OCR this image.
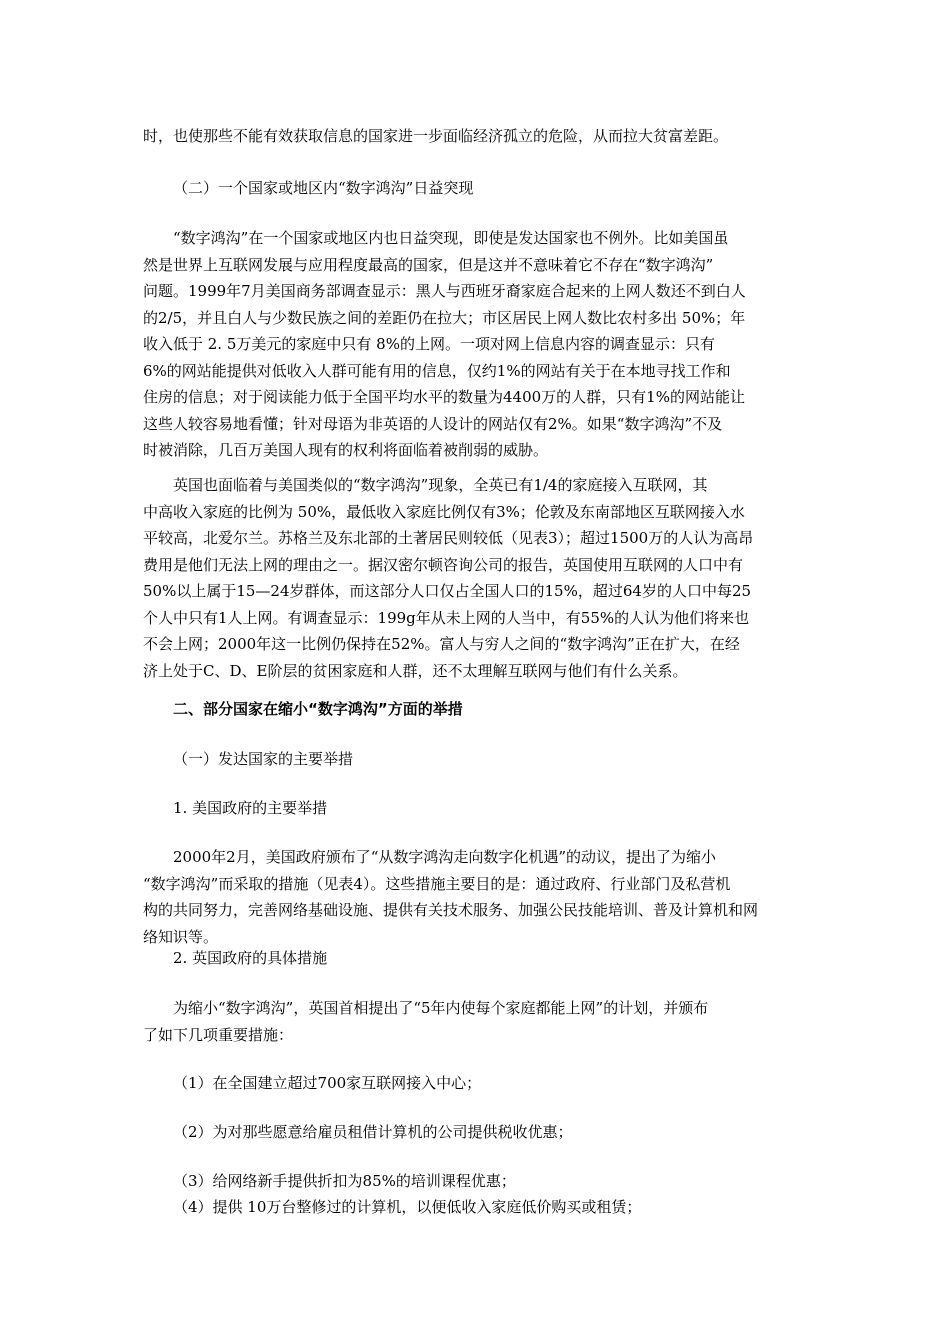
时，也使那些不能有效获取信息的国家进一步面临经济孤立的危险，从而拉大贫富差距。
（二）一个国家或地区内“数字鸿沟”日益突现
“数字鸿沟”在一个国家或地区内也日益突现，即使是发达国家也不例外。比如美国虽
然是世界上互联网发展与应用程度最高的国家，但是这并不意味着它不存在“数字鸿沟”
问题。1999年7月美国商务部调查显示：黑人与西班牙裔家庭合起来的上网人数还不到白人
的2/5，并且白人与少数民族之间的差距仍在拉大；市区居民上网人数比农村多出 50%；年
收入低于 2. 5万美元的家庭中只有 8%的上网。一项对网上信息内容的调查显示：只有
6%的网站能提供对低收入人群可能有用的信息，仅约1%的网站有关于在本地寻找工作和
住房的信息；对于阅读能力低于全国平均水平的数量为4400万的人群，只有1%的网站能让
这些人较容易地看懂；针对母语为非英语的人设计的网站仅有2%。如果“数字鸿沟”不及
时被消除，几百万美国人现有的权利将面临着被削弱的威胁。
英国也面临着与美国类似的“数字鸿沟”现象，全英已有1/4的家庭接入互联网，其
中高收入家庭的比例为 50%，最低收入家庭比例仅有3%；伦敦及东南部地区互联网接入水
平较高，北爱尔兰。苏格兰及东北部的土著居民则较低（见表3）；超过1500万的人认为高昂
费用是他们无法上网的理由之一。据汉密尔顿咨询公司的报告，英国使用互联网的人口中有
50%以上属于15—24岁群体，而这部分人口仅占全国人口的15%，超过64岁的人口中每25
个人中只有1人上网。有调查显示：199g年从未上网的人当中，有55%的人认为他们将来也
不会上网；2000年这一比例仍保持在52%。富人与穷人之间的“数字鸿沟”正在扩大，在经
济上处于C、D、E阶层的贫困家庭和人群，还不太理解互联网与他们有什么关系。
二、部分国家在缩小“数字鸿沟”方面的举措
（一）发达国家的主要举措
1. 美国政府的主要举措
2000年2月，美国政府颁布了“从数字鸿沟走向数字化机遇”的动议，提出了为缩小
“数字鸿沟”而采取的措施（见表4）。这些措施主要目的是：通过政府、行业部门及私营机
构的共同努力，完善网络基础设施、提供有关技术服务、加强公民技能培训、普及计算机和网
络知识等。
2. 英国政府的具体措施
为缩小“数字鸿沟”，英国首相提出了“5年内使每个家庭都能上网”的计划，并颁布
了如下几项重要措施：
（1）在全国建立超过700家互联网接入中心；
（2）为对那些愿意给雇员租借计算机的公司提供税收优惠；
（3）给网络新手提供折扣为85%的培训课程优惠；
（4）提供 10万台整修过的计算机，以便低收入家庭低价购买或租赁；
